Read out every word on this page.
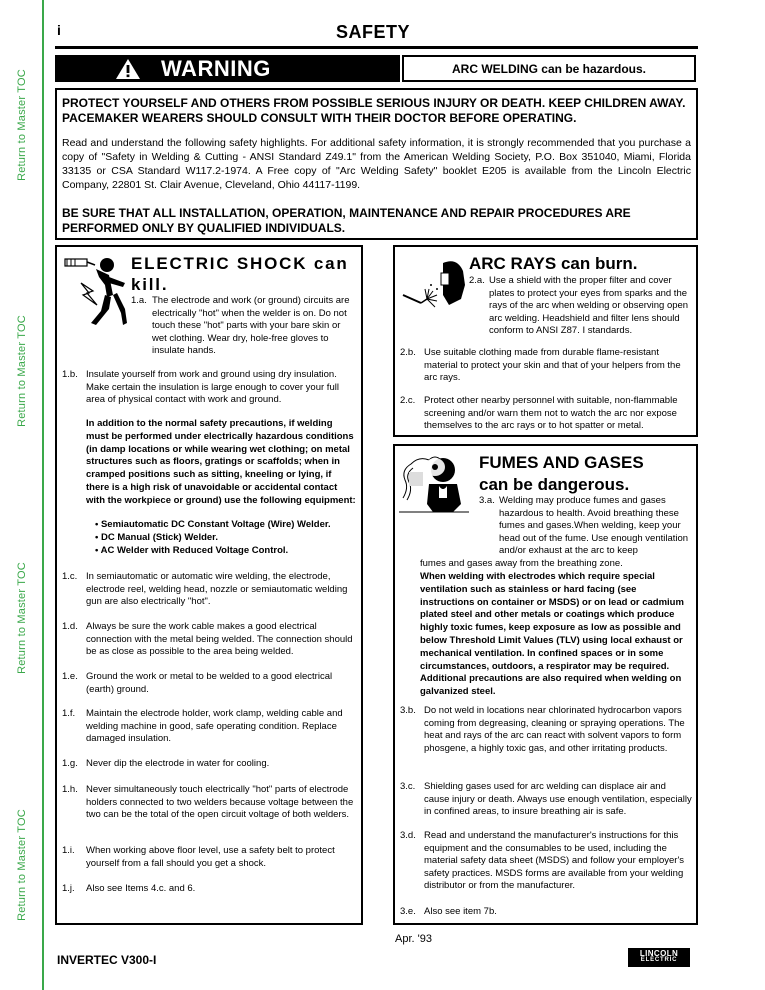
Return to Master TOC
Return to Master TOC
Return to Master TOC
Return to Master TOC
i	SAFETY
WARNING	ARC WELDING can be hazardous.
PROTECT YOURSELF AND OTHERS FROM POSSIBLE SERIOUS INJURY OR DEATH. KEEP CHILDREN AWAY. PACEMAKER WEARERS SHOULD CONSULT WITH THEIR DOCTOR BEFORE OPERATING.
Read and understand the following safety highlights. For additional safety information, it is strongly recommended that you purchase a copy of "Safety in Welding & Cutting - ANSI Standard Z49.1" from the American Welding Society, P.O. Box 351040, Miami, Florida 33135 or CSA Standard W117.2-1974. A Free copy of "Arc Welding Safety" booklet E205 is available from the Lincoln Electric Company, 22801 St. Clair Avenue, Cleveland, Ohio 44117-1199.
BE SURE THAT ALL INSTALLATION, OPERATION, MAINTENANCE AND REPAIR PROCEDURES ARE PERFORMED ONLY BY QUALIFIED INDIVIDUALS.
ELECTRIC SHOCK can kill.
1.a. The electrode and work (or ground) circuits are electrically "hot" when the welder is on. Do not touch these "hot" parts with your bare skin or wet clothing. Wear dry, hole-free gloves to insulate hands.
1.b. Insulate yourself from work and ground using dry insulation. Make certain the insulation is large enough to cover your full area of physical contact with work and ground.
In addition to the normal safety precautions, if welding must be performed under electrically hazardous conditions (in damp locations or while wearing wet clothing; on metal structures such as floors, gratings or scaffolds; when in cramped positions such as sitting, kneeling or lying, if there is a high risk of unavoidable or accidental contact with the workpiece or ground) use the following equipment:
• Semiautomatic DC Constant Voltage (Wire) Welder.
• DC Manual (Stick) Welder.
• AC Welder with Reduced Voltage Control.
1.c. In semiautomatic or automatic wire welding, the electrode, electrode reel, welding head, nozzle or semiautomatic welding gun are also electrically "hot".
1.d. Always be sure the work cable makes a good electrical connection with the metal being welded. The connection should be as close as possible to the area being welded.
1.e. Ground the work or metal to be welded to a good electrical (earth) ground.
1.f. Maintain the electrode holder, work clamp, welding cable and welding machine in good, safe operating condition. Replace damaged insulation.
1.g. Never dip the electrode in water for cooling.
1.h. Never simultaneously touch electrically "hot" parts of electrode holders connected to two welders because voltage between the two can be the total of the open circuit voltage of both welders.
1.i. When working above floor level, use a safety belt to protect yourself from a fall should you get a shock.
1.j. Also see Items 4.c. and 6.
ARC RAYS can burn.
2.a. Use a shield with the proper filter and cover plates to protect your eyes from sparks and the rays of the arc when welding or observing open arc welding. Headshield and filter lens should conform to ANSI Z87. I standards.
2.b. Use suitable clothing made from durable flame-resistant material to protect your skin and that of your helpers from the arc rays.
2.c. Protect other nearby personnel with suitable, non-flammable screening and/or warn them not to watch the arc nor expose themselves to the arc rays or to hot spatter or metal.
FUMES AND GASES
can be dangerous.
3.a. Welding may produce fumes and gases hazardous to health. Avoid breathing these fumes and gases.When welding, keep your head out of the fume. Use enough ventilation and/or exhaust at the arc to keep
fumes and gases away from the breathing zone.
When welding with electrodes which require special ventilation such as stainless or hard facing (see instructions on container or MSDS) or on lead or cadmium plated steel and other metals or coatings which produce highly toxic fumes, keep exposure as low as possible and below Threshold Limit Values (TLV) using local exhaust or mechanical ventilation. In confined spaces or in some circumstances, outdoors, a respirator may be required. Additional precautions are also required when welding on galvanized steel.
3.b. Do not weld in locations near chlorinated hydrocarbon vapors coming from degreasing, cleaning or spraying operations. The heat and rays of the arc can react with solvent vapors to form phosgene, a highly toxic gas, and other irritating products.
3.c. Shielding gases used for arc welding can displace air and cause injury or death. Always use enough ventilation, especially in confined areas, to insure breathing air is safe.
3.d. Read and understand the manufacturer's instructions for this equipment and the consumables to be used, including the material safety data sheet (MSDS) and follow your employer's safety practices. MSDS forms are available from your welding distributor or from the manufacturer.
3.e. Also see item 7b.
Apr. '93
INVERTEC V300-I	LINCOLN
ELECTRIC
